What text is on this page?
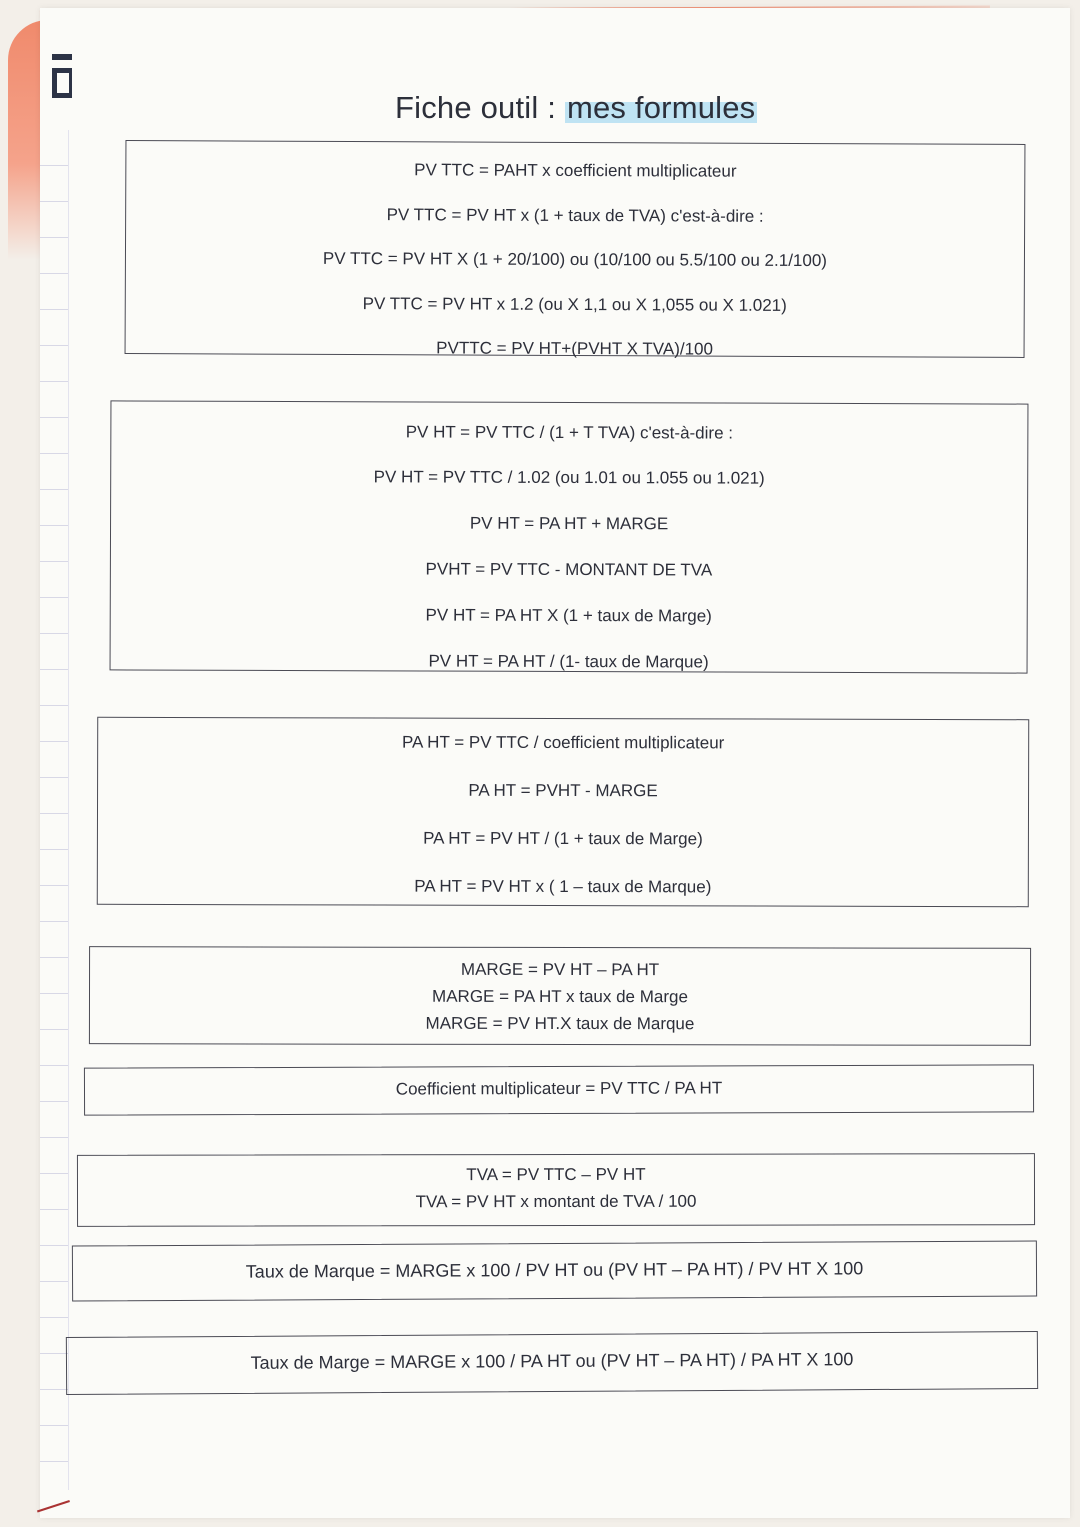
Fiche outil : mes formules
PV TTC = PAHT x coefficient multiplicateur
PV TTC = PV HT x (1 + taux de TVA) c'est-à-dire :
PV TTC = PV HT X (1 + 20/100) ou (10/100 ou 5.5/100 ou 2.1/100)
PV TTC = PV HT x 1.2 (ou X 1,1 ou X 1,055 ou X 1.021)
PVTTC = PV HT+(PVHT X TVA)/100
PV HT = PV TTC / (1 + T TVA) c'est-à-dire :
PV HT = PV TTC / 1.02 (ou 1.01 ou 1.055 ou 1.021)
PV HT = PA HT + MARGE
PVHT = PV TTC - MONTANT DE TVA
PV HT = PA HT X (1 + taux de Marge)
PV HT = PA HT / (1- taux de Marque)
PA HT = PV TTC / coefficient multiplicateur
PA HT = PVHT - MARGE
PA HT = PV HT / (1 + taux de Marge)
PA HT = PV HT x ( 1 – taux de Marque)
MARGE = PV HT – PA HT
MARGE = PA HT x taux de Marge
MARGE = PV HT.X taux de Marque
Coefficient multiplicateur = PV TTC / PA HT
TVA = PV TTC – PV HT
TVA = PV HT x montant de TVA / 100
Taux de Marque = MARGE x 100 / PV HT ou (PV HT – PA HT) / PV HT X 100
Taux de Marge = MARGE x 100 / PA HT ou (PV HT – PA HT) / PA HT X 100
